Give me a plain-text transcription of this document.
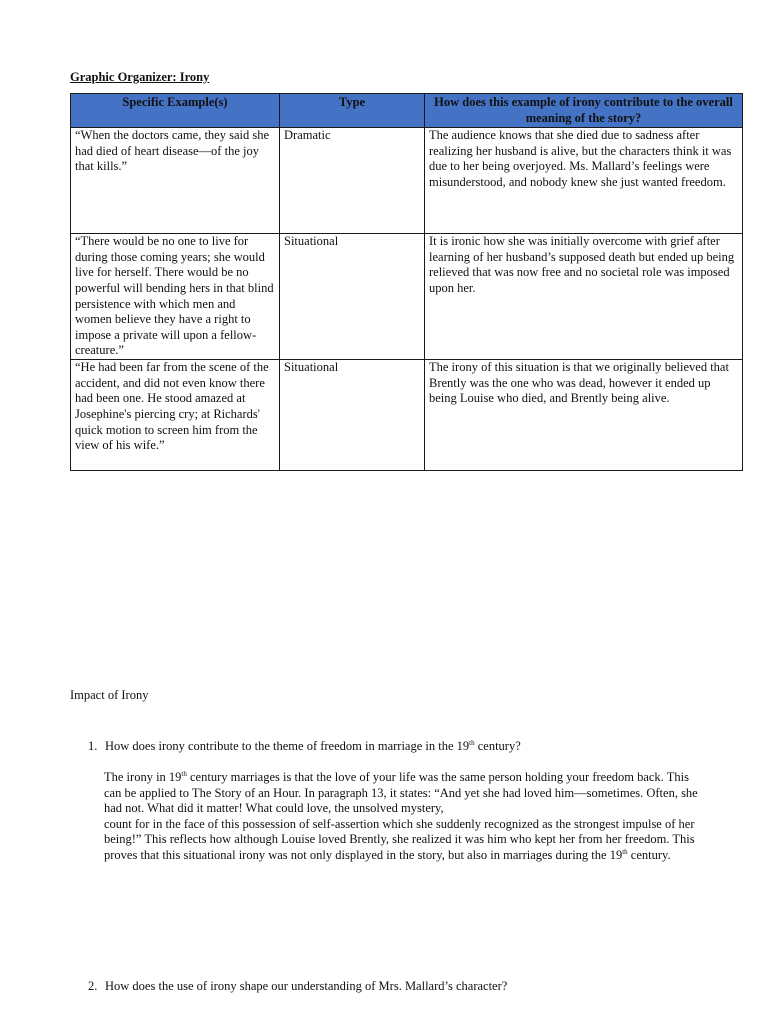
Graphic Organizer: Irony
Specific Example(s)	Type	How does this example of irony contribute to the overall meaning of the story?
“When the doctors came, they said she had died of heart disease—of the joy that kills.”	Dramatic	The audience knows that she died due to sadness after realizing her husband is alive, but the characters think it was due to her being overjoyed. Ms. Mallard’s feelings were misunderstood, and nobody knew she just wanted freedom.
“There would be no one to live for during those coming years; she would live for herself. There would be no powerful will bending hers in that blind persistence with which men and women believe they have a right to impose a private will upon a fellow-creature.”	Situational	It is ironic how she was initially overcome with grief after learning of her husband’s supposed death but ended up being relieved that was now free and no societal role was imposed upon her.
“He had been far from the scene of the accident, and did not even know there had been one. He stood amazed at Josephine's piercing cry; at Richards' quick motion to screen him from the view of his wife.”	Situational	The irony of this situation is that we originally believed that Brently was the one who was dead, however it ended up being Louise who died, and Brently being alive.
Impact of Irony
1. How does irony contribute to the theme of freedom in marriage in the 19th century?
The irony in 19th century marriages is that the love of your life was the same person holding your freedom back. This can be applied to The Story of an Hour. In paragraph 13, it states: “And yet she had loved him—sometimes. Often, she had not. What did it matter! What could love, the unsolved mystery,
count for in the face of this possession of self-assertion which she suddenly recognized as the strongest impulse of her being!” This reflects how although Louise loved Brently, she realized it was him who kept her from her freedom. This proves that this situational irony was not only displayed in the story, but also in marriages during the 19th century.
2. How does the use of irony shape our understanding of Mrs. Mallard’s character?
